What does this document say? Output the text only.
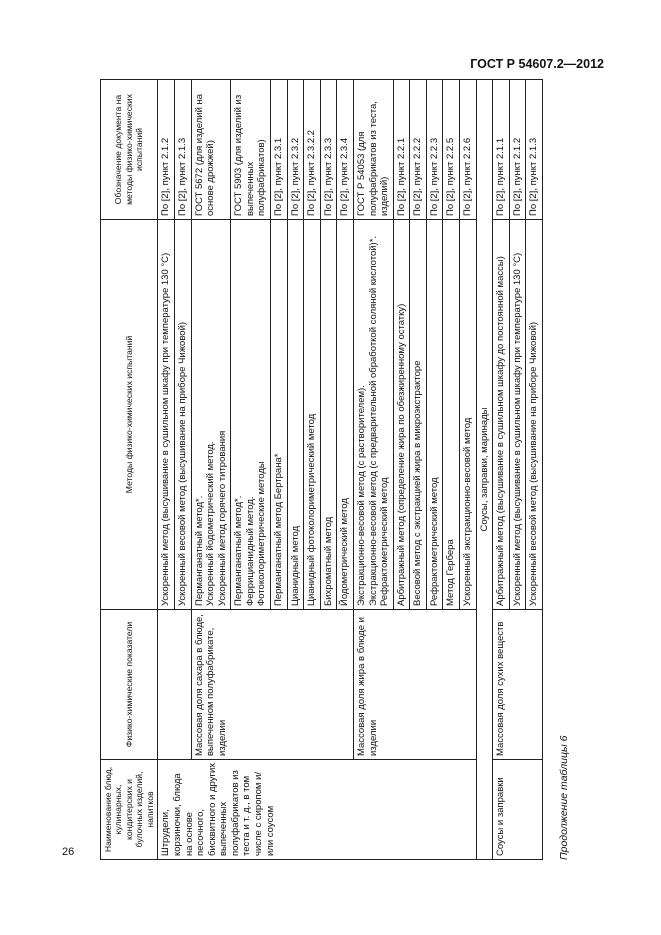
ГОСТ Р 54607.2—2012
26	Наименование блюд, кулинарных, кондитерских и булочных изделий, напитков	Физико-химические показатели	Методы физико-химических испытаний	Обозначение документа на методы физико-химических испытаний
Штрудели, корзиночки, блюда на основе песочного, бисквитного и других выпеченных полуфабрикатов из теста и т. д., в том числе с сиропом и/или соусом		Ускоренный метод (высушивание в сушильном шкафу при температуре 130 °С)	По [2], пункт 2.1.2
		Ускоренный весовой метод (высушивание на приборе Чижовой)	По [2], пункт 2.1.3
	Массовая доля сахара в блюде, выпеченном полуфабрикате, изделии	Перманганатный метод*.
Ускоренный йодометрический метод.
Ускоренный метод горячего титрования	ГОСТ 5672 (для изделий на основе дрожжей)
		Перманганатный метод*.
Феррицианидный метод.
Фотоколориметрические методы	ГОСТ 5903 (для изделий из выпеченных полуфабрикатов)
		Перманганатный метод Бертрана*	По [2], пункт 2.3.1
		Цианидный метод	По [2], пункт 2.3.2
		Цианидный фотоколориметрический метод	По [2], пункт 2.3.2.2
		Бихроматный метод	По [2], пункт 2.3.3
		Йодометрический метод	По [2], пункт 2.3.4
	Массовая доля жира в блюде и изделии	Экстракционно-весовой метод (с растворителем).
Экстракционно-весовой метод (с предварительной обработкой соляной кислотой)*.
Рефрактометрический метод	ГОСТ Р 54053 (для полуфабрикатов из теста, изделий)
		Арбитражный метод (определение жира по обезжиренному остатку)	По [2], пункт 2.2.1
		Весовой метод с экстракцией жира в микроэкстракторе	По [2], пункт 2.2.2
		Рефрактометрический метод	По [2], пункт 2.2.3
		Метод Гербера	По [2], пункт 2.2.5
		Ускоренный экстракционно-весовой метод	По [2], пункт 2.2.6
Соусы, заправки, маринады			
Соусы и заправки	Массовая доля сухих веществ	Арбитражный метод (высушивание в сушильном шкафу до постоянной массы)	По [2], пункт 2.1.1
		Ускоренный метод (высушивание в сушильном шкафу при температуре 130 °С)	По [2], пункт 2.1.2
		Ускоренный весовой метод (высушивание на приборе Чижовой)	По [2], пункт 2.1.3
Продолжение таблицы 6
